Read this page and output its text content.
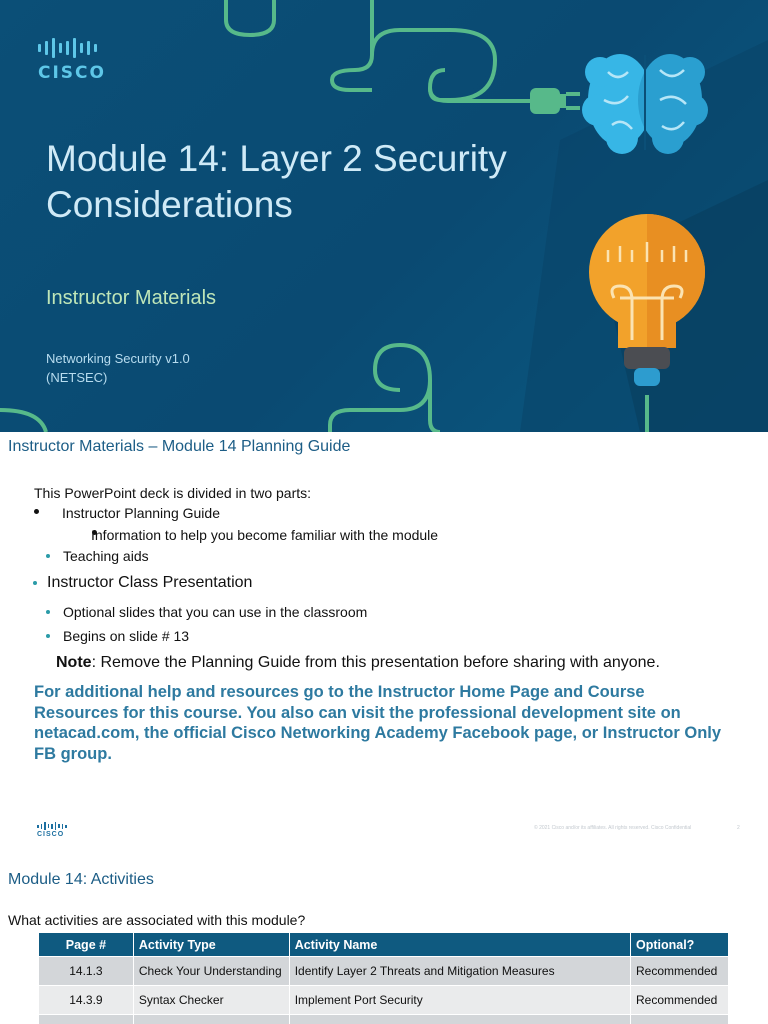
CISCO
Module 14: Layer 2 Security
Considerations
Instructor Materials
Networking Security v1.0
(NETSEC)
Instructor Materials – Module 14 Planning Guide
This PowerPoint deck is divided in two parts:
Instructor Planning Guide
Information to help you become familiar with the module
Teaching aids
Instructor Class Presentation
Optional slides that you can use in the classroom
Begins on slide # 13
Note: Remove the Planning Guide from this presentation before sharing with anyone.
For additional help and resources go to the Instructor Home Page and Course Resources for this course. You also can visit the professional development site on netacad.com, the official Cisco Networking Academy Facebook page, or Instructor Only FB group.
CISCO
© 2021 Cisco and/or its affiliates. All rights reserved. Cisco Confidential	2
Module 14: Activities
What activities are associated with this module?
Page #	Activity Type	Activity Name	Optional?
14.1.3	Check Your Understanding	Identify Layer 2 Threats and Mitigation Measures	Recommended
14.3.9	Syntax Checker	Implement Port Security	Recommended
